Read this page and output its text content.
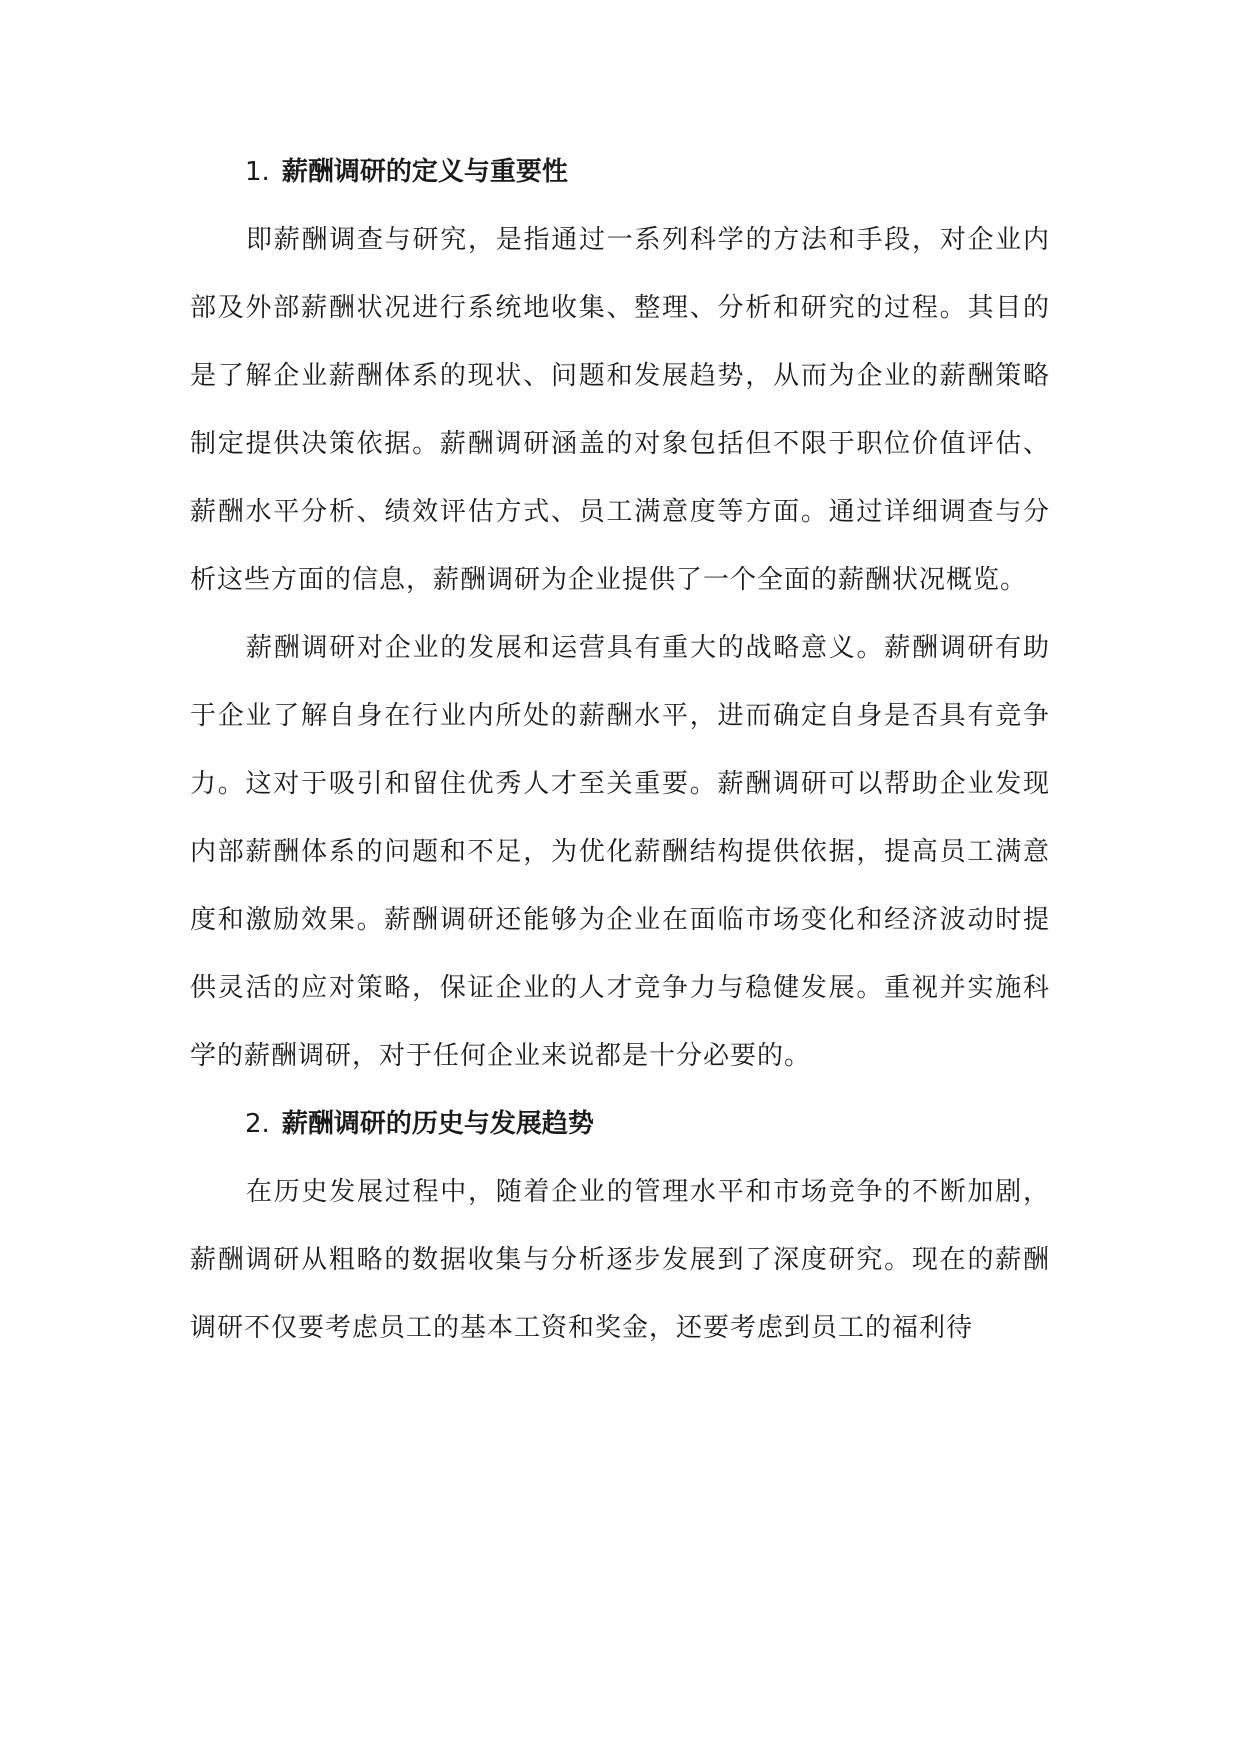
1. 薪酬调研的定义与重要性

即薪酬调查与研究，是指通过一系列科学的方法和手段，对企业内部及外部薪酬状况进行系统地收集、整理、分析和研究的过程。其目的是了解企业薪酬体系的现状、问题和发展趋势，从而为企业的薪酬策略制定提供决策依据。薪酬调研涵盖的对象包括但不限于职位价值评估、薪酬水平分析、绩效评估方式、员工满意度等方面。通过详细调查与分析这些方面的信息，薪酬调研为企业提供了一个全面的薪酬状况概览。

薪酬调研对企业的发展和运营具有重大的战略意义。薪酬调研有助于企业了解自身在行业内所处的薪酬水平，进而确定自身是否具有竞争力。这对于吸引和留住优秀人才至关重要。薪酬调研可以帮助企业发现内部薪酬体系的问题和不足，为优化薪酬结构提供依据，提高员工满意度和激励效果。薪酬调研还能够为企业在面临市场变化和经济波动时提供灵活的应对策略，保证企业的人才竞争力与稳健发展。重视并实施科学的薪酬调研，对于任何企业来说都是十分必要的。

2. 薪酬调研的历史与发展趋势

在历史发展过程中，随着企业的管理水平和市场竞争的不断加剧，薪酬调研从粗略的数据收集与分析逐步发展到了深度研究。现在的薪酬调研不仅要考虑员工的基本工资和奖金，还要考虑到员工的福利待
